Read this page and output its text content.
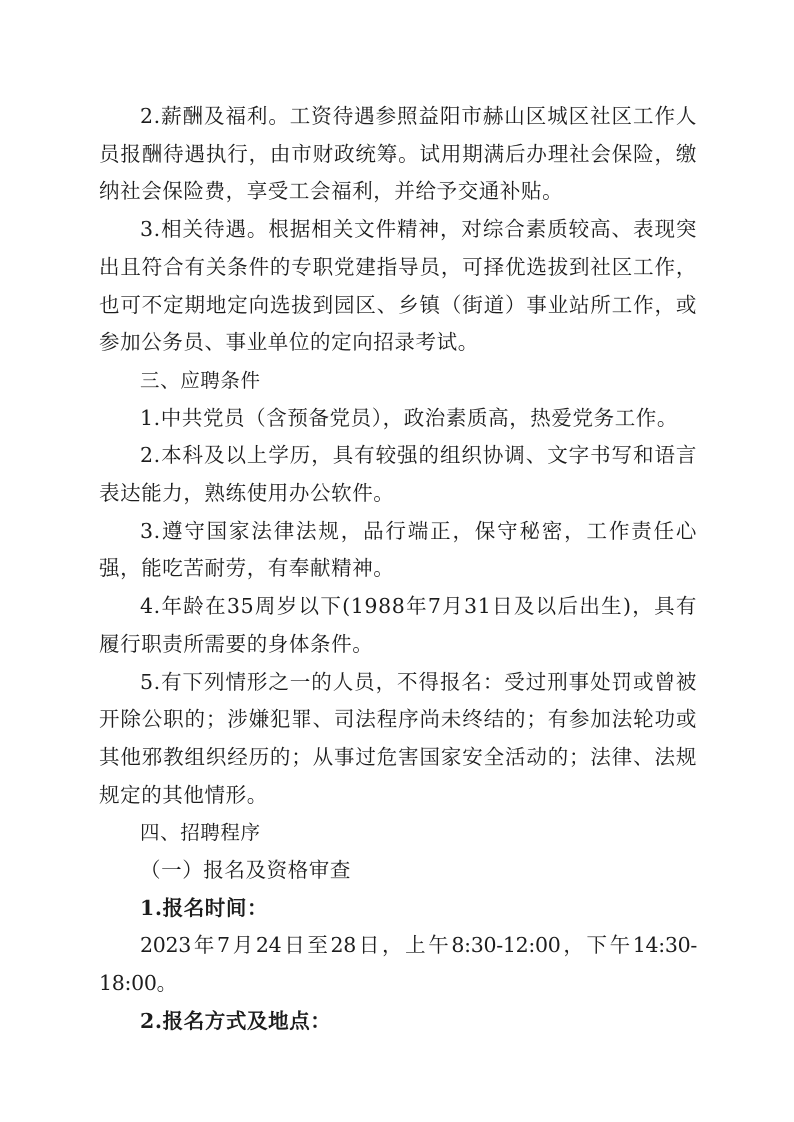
2.薪酬及福利。工资待遇参照益阳市赫山区城区社区工作人员报酬待遇执行，由市财政统筹。试用期满后办理社会保险，缴纳社会保险费，享受工会福利，并给予交通补贴。

3.相关待遇。根据相关文件精神，对综合素质较高、表现突出且符合有关条件的专职党建指导员，可择优选拔到社区工作，也可不定期地定向选拔到园区、乡镇（街道）事业站所工作，或参加公务员、事业单位的定向招录考试。

三、应聘条件

1.中共党员（含预备党员），政治素质高，热爱党务工作。

2.本科及以上学历，具有较强的组织协调、文字书写和语言表达能力，熟练使用办公软件。

3.遵守国家法律法规，品行端正，保守秘密，工作责任心强，能吃苦耐劳，有奉献精神。

4.年龄在35周岁以下(1988年7月31日及以后出生)，具有履行职责所需要的身体条件。

5.有下列情形之一的人员，不得报名：受过刑事处罚或曾被开除公职的；涉嫌犯罪、司法程序尚未终结的；有参加法轮功或其他邪教组织经历的；从事过危害国家安全活动的；法律、法规规定的其他情形。

四、招聘程序

（一）报名及资格审查

1.报名时间：

2023年7月24日至28日，上午8:30-12:00，下午14:30-18:00。

2.报名方式及地点：
